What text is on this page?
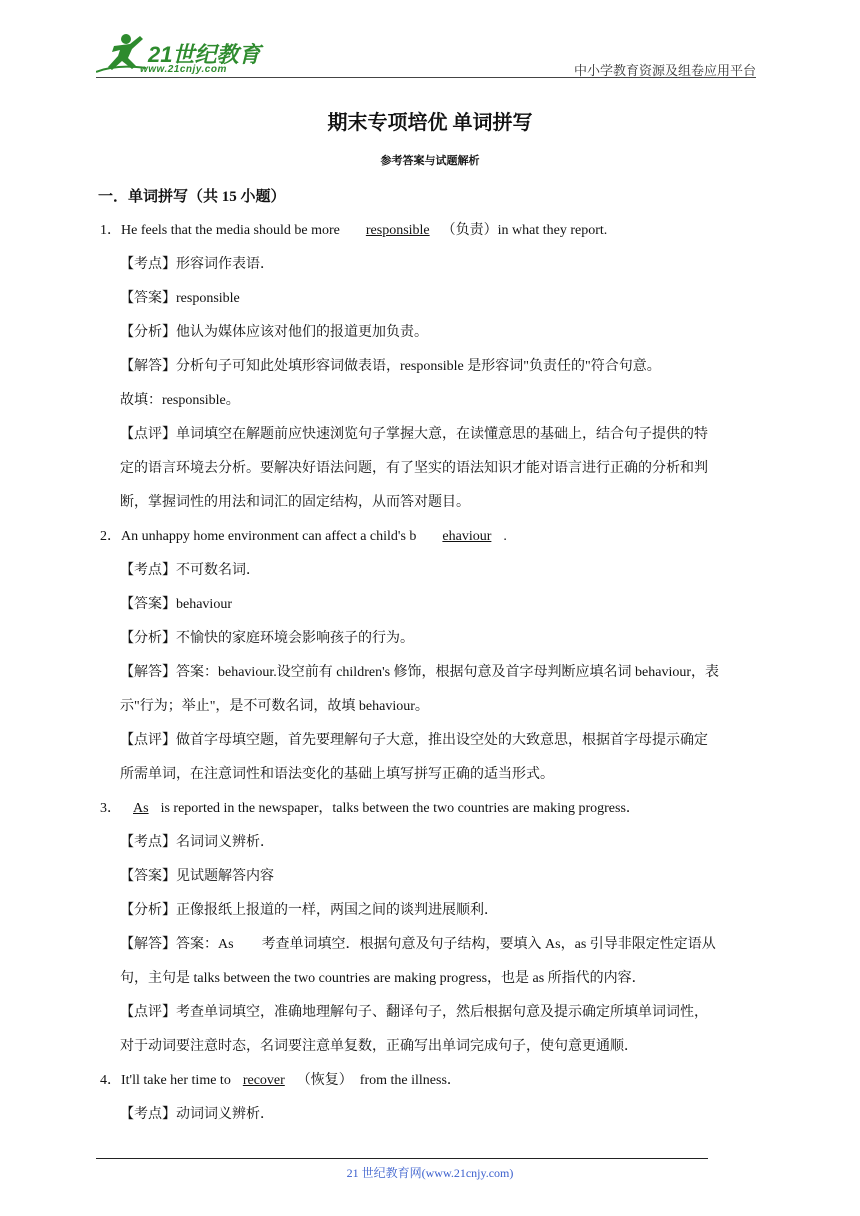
21世纪教育
www.21cnjy.com	中小学教育资源及组卷应用平台
期末专项培优 单词拼写
参考答案与试题解析
一．单词拼写（共 15 小题）
1．He feels that the media should be more responsible （负责）in what they report.
【考点】形容词作表语．
【答案】responsible
【分析】他认为媒体应该对他们的报道更加负责。
【解答】分析句子可知此处填形容词做表语，responsible 是形容词"负责任的"符合句意。
故填：responsible。
【点评】单词填空在解题前应快速浏览句子掌握大意，在读懂意思的基础上，结合句子提供的特
定的语言环境去分析。要解决好语法问题，有了坚实的语法知识才能对语言进行正确的分析和判
断，掌握词性的用法和词汇的固定结构，从而答对题目。
2．An unhappy home environment can affect a child's b ehaviour .
【考点】不可数名词．
【答案】behaviour
【分析】不愉快的家庭环境会影响孩子的行为。
【解答】答案：behaviour.设空前有 children's 修饰，根据句意及首字母判断应填名词 behaviour，表
示"行为；举止"，是不可数名词，故填 behaviour。
【点评】做首字母填空题，首先要理解句子大意，推出设空处的大致意思，根据首字母提示确定
所需单词，在注意词性和语法变化的基础上填写拼写正确的适当形式。
3． As is reported in the newspaper，talks between the two countries are making progress．
【考点】名词词义辨析．
【答案】见试题解答内容
【分析】正像报纸上报道的一样，两国之间的谈判进展顺利．
【解答】答案：As　　考查单词填空．根据句意及句子结构，要填入 As，as 引导非限定性定语从
句，主句是 talks between the two countries are making progress，也是 as 所指代的内容．
【点评】考查单词填空，准确地理解句子、翻译句子，然后根据句意及提示确定所填单词词性，
对于动词要注意时态，名词要注意单复数，正确写出单词完成句子，使句意更通顺．
4．It'll take her time to recover （恢复）　from the illness．
【考点】动词词义辨析．
21 世纪教育网(www.21cnjy.com)
